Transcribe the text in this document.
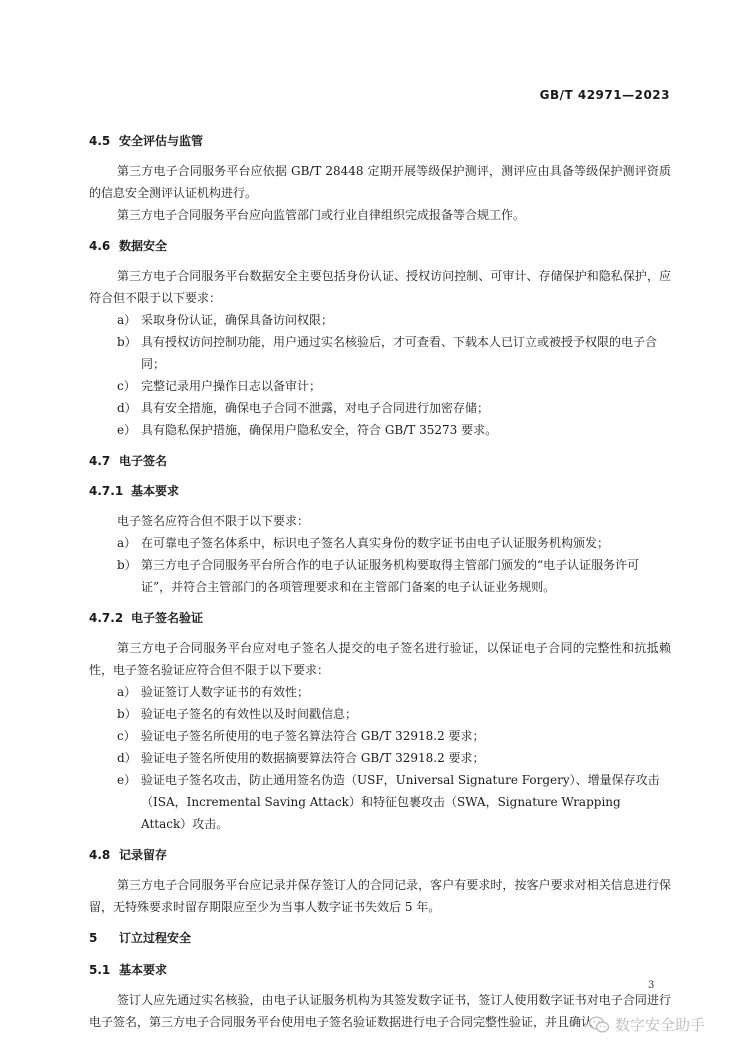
GB/T 42971—2023
4.5 安全评估与监管

第三方电子合同服务平台应依据 GB/T 28448 定期开展等级保护测评，测评应由具备等级保护测评资质的信息安全测评认证机构进行。

第三方电子合同服务平台应向监管部门或行业自律组织完成报备等合规工作。

4.6 数据安全

第三方电子合同服务平台数据安全主要包括身份认证、授权访问控制、可审计、存储保护和隐私保护，应符合但不限于以下要求：

a） 采取身份认证，确保具备访问权限；

b） 具有授权访问控制功能，用户通过实名核验后，才可查看、下载本人已订立或被授予权限的电子合同；

c） 完整记录用户操作日志以备审计；

d） 具有安全措施，确保电子合同不泄露，对电子合同进行加密存储；

e） 具有隐私保护措施，确保用户隐私安全，符合 GB/T 35273 要求。

4.7 电子签名
4.7.1 基本要求

电子签名应符合但不限于以下要求：

a） 在可靠电子签名体系中，标识电子签名人真实身份的数字证书由电子认证服务机构颁发；

b） 第三方电子合同服务平台所合作的电子认证服务机构要取得主管部门颁发的“电子认证服务许可证”，并符合主管部门的各项管理要求和在主管部门备案的电子认证业务规则。

4.7.2 电子签名验证

第三方电子合同服务平台应对电子签名人提交的电子签名进行验证，以保证电子合同的完整性和抗抵赖性，电子签名验证应符合但不限于以下要求：

a） 验证签订人数字证书的有效性；

b） 验证电子签名的有效性以及时间戳信息；

c） 验证电子签名所使用的电子签名算法符合 GB/T 32918.2 要求；

d） 验证电子签名所使用的数据摘要算法符合 GB/T 32918.2 要求；

e） 验证电子签名攻击，防止通用签名伪造（USF，Universal Signature Forgery）、增量保存攻击（ISA，Incremental Saving Attack）和特征包裹攻击（SWA，Signature Wrapping Attack）攻击。

4.8 记录留存

第三方电子合同服务平台应记录并保存签订人的合同记录，客户有要求时，按客户要求对相关信息进行保留，无特殊要求时留存期限应至少为当事人数字证书失效后 5 年。

5 订立过程安全
5.1 基本要求

签订人应先通过实名核验，由电子认证服务机构为其签发数字证书，签订人使用数字证书对电子合同进行电子签名，第三方电子合同服务平台使用电子签名验证数据进行电子合同完整性验证，并且确认

3
数字安全助手
